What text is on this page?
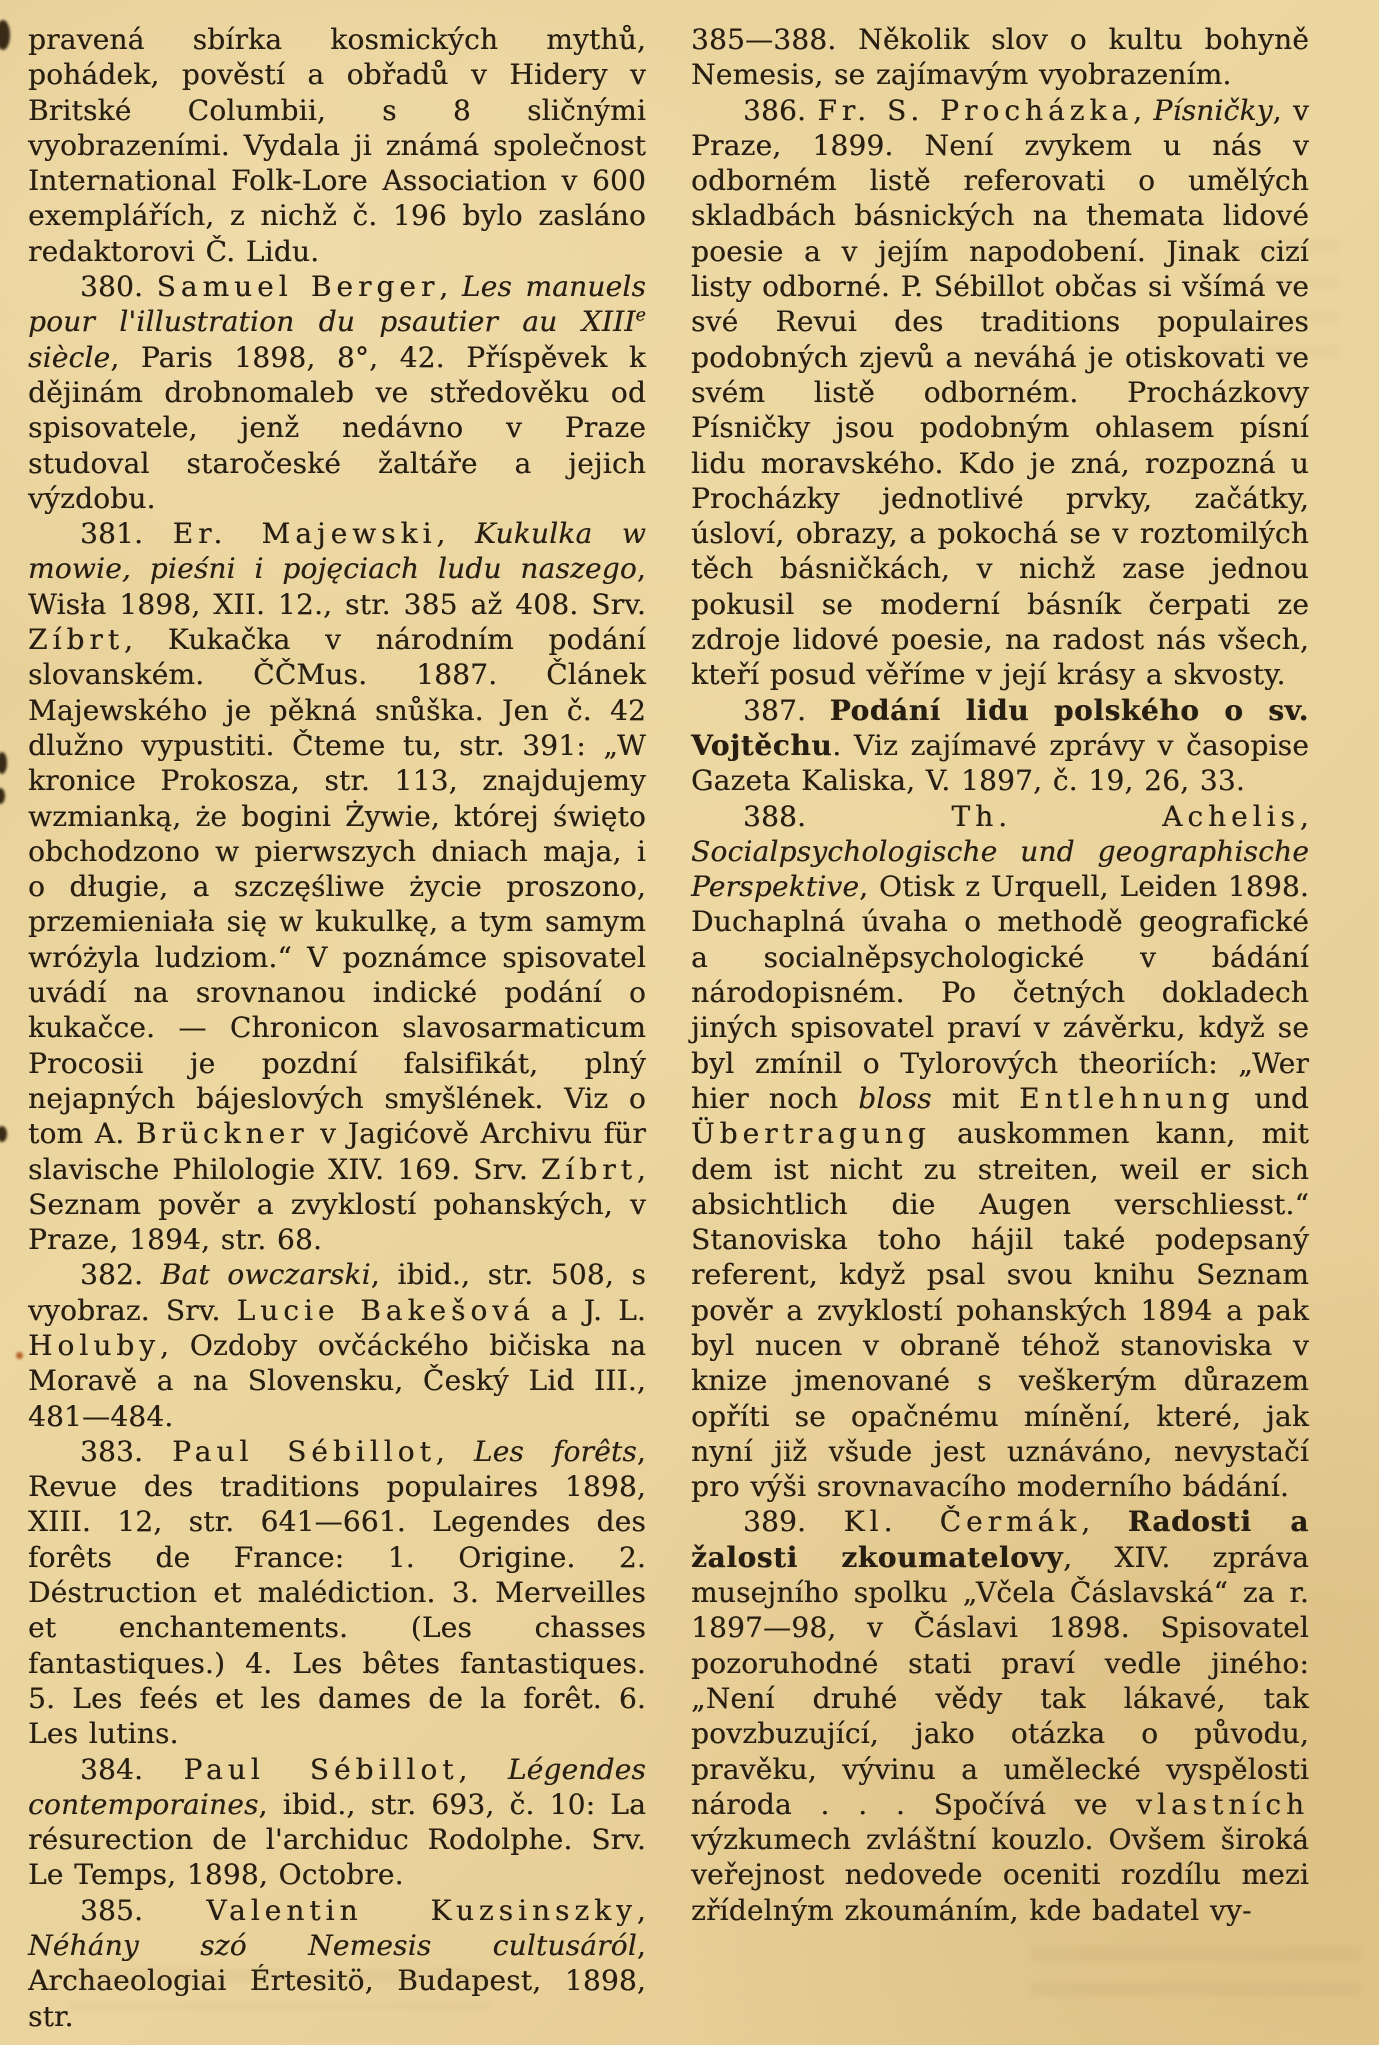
pravená sbírka kosmických mythů, pohádek, pověstí a obřadů v Hidery v Britské Columbii, s 8 sličnými vyobrazeními. Vydala ji známá společnost International Folk-Lore Association v 600 exemplářích, z nichž č. 196 bylo zasláno redaktorovi Č. Lidu.

380. Samuel Berger, Les manuels pour l'illustration du psautier au XIIIe siècle, Paris 1898, 8°, 42. Příspěvek k dějinám drobnomaleb ve středověku od spisovatele, jenž nedávno v Praze studoval staročeské žaltáře a jejich výzdobu.

381. Er. Majewski, Kukulka w mowie, pieśni i pojęciach ludu naszego, Wisła 1898, XII. 12., str. 385 až 408. Srv. Zíbrt, Kukačka v národním podání slovanském. ČČMus. 1887. Článek Majewského je pěkná snůška. Jen č. 42 dlužno vypustiti. Čteme tu, str. 391: „W kronice Prokosza, str. 113, znajdujemy wzmianką, że bogini Żywie, której święto obchodzono w pierwszych dniach maja, i o długie, a szczęśliwe życie proszono, przemieniała się w kukulkę, a tym samym wróżyla ludziom.“ V poznámce spisovatel uvádí na srovnanou indické podání o kukačce. — Chronicon slavosarmaticum Procosii je pozdní falsifikát, plný nejapných bájeslových smyšlének. Viz o tom A. Brückner v Jagićově Archivu für slavische Philologie XIV. 169. Srv. Zíbrt, Seznam pověr a zvyklostí pohanských, v Praze, 1894, str. 68.

382. Bat owczarski, ibid., str. 508, s vyobraz. Srv. Lucie Bakešová a J. L. Holuby, Ozdoby ovčáckého bičiska na Moravě a na Slovensku, Český Lid III., 481—484.

383. Paul Sébillot, Les forêts, Revue des traditions populaires 1898, XIII. 12, str. 641—661. Legendes des forêts de France: 1. Origine. 2. Déstruction et malédiction. 3. Merveilles et enchantements. (Les chasses fantastiques.) 4. Les bêtes fantastiques. 5. Les feés et les dames de la forêt. 6. Les lutins.

384. Paul Sébillot, Légendes contemporaines, ibid., str. 693, č. 10: La résurection de l'archiduc Rodolphe. Srv. Le Temps, 1898, Octobre.

385. Valentin Kuzsinszky, Néhány szó Nemesis cultusáról, Archaeologiai Értesitö, Budapest, 1898, str.

385—388. Několik slov o kultu bohyně Nemesis, se zajímavým vyobrazením.

386. Fr. S. Procházka, Písničky, v Praze, 1899. Není zvykem u nás v odborném listě referovati o umělých skladbách básnických na themata lidové poesie a v jejím napodobení. Jinak cizí listy odborné. P. Sébillot občas si všímá ve své Revui des traditions populaires podobných zjevů a neváhá je otiskovati ve svém listě odborném. Procházkovy Písničky jsou podobným ohlasem písní lidu moravského. Kdo je zná, rozpozná u Procházky jednotlivé prvky, začátky, úsloví, obrazy, a pokochá se v roztomilých těch básničkách, v nichž zase jednou pokusil se moderní básník čerpati ze zdroje lidové poesie, na radost nás všech, kteří posud věříme v její krásy a skvosty.

387. Podání lidu polského o sv. Vojtěchu. Viz zajímavé zprávy v časopise Gazeta Kaliska, V. 1897, č. 19, 26, 33.

388. Th. Achelis, Socialpsychologische und geographische Perspektive, Otisk z Urquell, Leiden 1898. Duchaplná úvaha o methodě geografické a socialněpsychologické v bádání národopisném. Po četných dokladech jiných spisovatel praví v závěrku, když se byl zmínil o Tylorových theoriích: „Wer hier noch bloss mit Entlehnung und Übertragung auskommen kann, mit dem ist nicht zu streiten, weil er sich absichtlich die Augen verschliesst.“ Stanoviska toho hájil také podepsaný referent, když psal svou knihu Seznam pověr a zvyklostí pohanských 1894 a pak byl nucen v obraně téhož stanoviska v knize jmenované s veškerým důrazem opříti se opačnému mínění, které, jak nyní již všude jest uznáváno, nevystačí pro výši srovnavacího moderního bádání.

389. Kl. Čermák, Radosti a žalosti zkoumatelovy, XIV. zpráva musejního spolku „Včela Čáslavská“ za r. 1897—98, v Čáslavi 1898. Spisovatel pozoruhodné stati praví vedle jiného: „Není druhé vědy tak lákavé, tak povzbuzující, jako otázka o původu, pravěku, vývinu a umělecké vyspělosti národa . . . Spočívá ve vlastních výzkumech zvláštní kouzlo. Ovšem široká veřejnost nedovede oceniti rozdílu mezi zřídelným zkoumáním, kde badatel vy-
